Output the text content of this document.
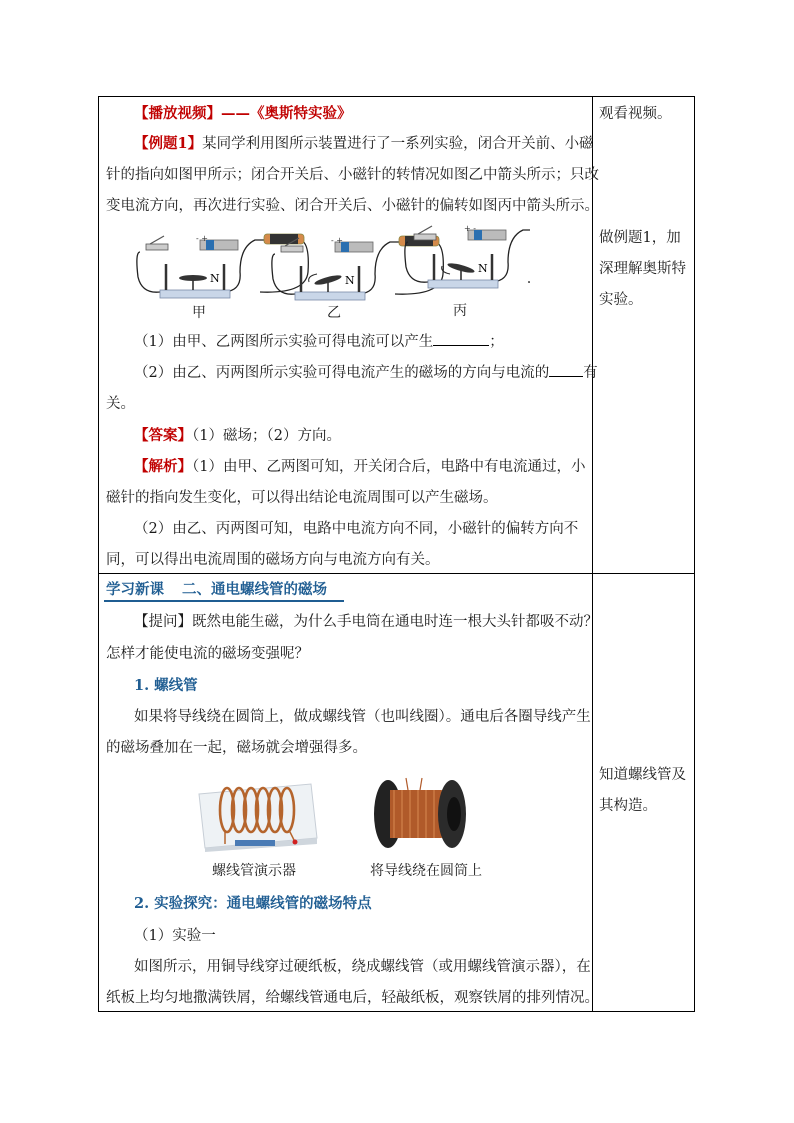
【播放视频】——《奥斯特实验》
【例题1】某同学利用图所示装置进行了一系列实验，闭合开关前、小磁
针的指向如图甲所示；闭合开关后、小磁针的转情况如图乙中箭头所示；只改
变电流方向，再次进行实验、闭合开关后、小磁针的偏转如图丙中箭头所示。
N
- +
N
- +
N
+ -
甲	乙	丙
（1）由甲、乙两图所示实验可得电流可以产生	；
（2）由乙、丙两图所示实验可得电流产生的磁场的方向与电流的 有
关。
【答案】（1）磁场；（2）方向。
【解析】（1）由甲、乙两图可知，开关闭合后，电路中有电流通过，小
磁针的指向发生变化，可以得出结论电流周围可以产生磁场。
（2）由乙、丙两图可知，电路中电流方向不同，小磁针的偏转方向不
同，可以得出电流周围的磁场方向与电流方向有关。
观看视频。
做例题1，加
深理解奥斯特
实验。
学习新课 二、通电螺线管的磁场
【提问】既然电能生磁，为什么手电筒在通电时连一根大头针都吸不动？
怎样才能使电流的磁场变强呢？
1. 螺线管
如果将导线绕在圆筒上，做成螺线管（也叫线圈）。通电后各圈导线产生
的磁场叠加在一起，磁场就会增强得多。
螺线管演示器	将导线绕在圆筒上
2. 实验探究：通电螺线管的磁场特点
（1）实验一
如图所示，用铜导线穿过硬纸板，绕成螺线管（或用螺线管演示器），在
纸板上均匀地撒满铁屑，给螺线管通电后，轻敲纸板，观察铁屑的排列情况。
知道螺线管及
其构造。
